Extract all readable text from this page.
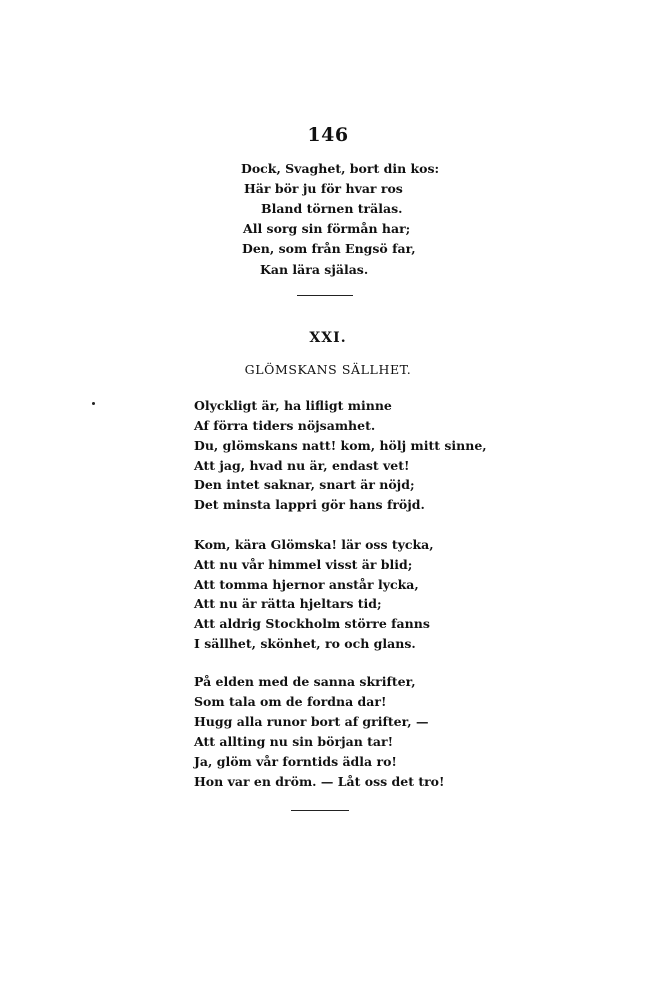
146
Dock, Svaghet, bort din kos:
Här bör ju för hvar ros
Bland törnen trälas.
All sorg sin förmån har;
Den, som från Engsö far,
Kan lära själas.
XXI.
GLÖMSKANS SÄLLHET.
Olyckligt är, ha lifligt minne
Af förra tiders nöjsamhet.
Du, glömskans natt! kom, hölj mitt sinne,
Att jag, hvad nu är, endast vet!
Den intet saknar, snart är nöjd;
Det minsta lappri gör hans fröjd.
Kom, kära Glömska! lär oss tycka,
Att nu vår himmel visst är blid;
Att tomma hjernor anstår lycka,
Att nu är rätta hjeltars tid;
Att aldrig Stockholm större fanns
I sällhet, skönhet, ro och glans.
På elden med de sanna skrifter,
Som tala om de fordna dar!
Hugg alla runor bort af grifter, —
Att allting nu sin början tar!
Ja, glöm vår forntids ädla ro!
Hon var en dröm. — Låt oss det tro!
